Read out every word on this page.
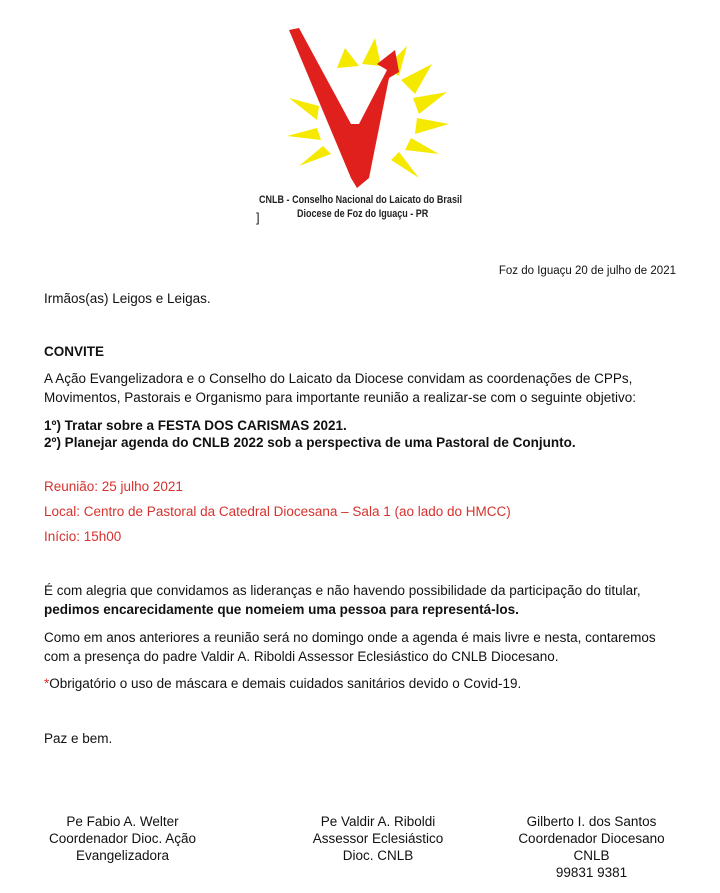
CNLB - Conselho Nacional do Laicato do Brasil
Diocese de Foz do Iguaçu - PR
]
Foz do Iguaçu 20 de julho de 2021
Irmãos(as) Leigos e Leigas.
CONVITE
A Ação Evangelizadora e o Conselho do Laicato da Diocese convidam as coordenações de CPPs, Movimentos, Pastorais e Organismo para importante reunião a realizar-se com o seguinte objetivo:
1º) Tratar sobre a FESTA DOS CARISMAS 2021.
2º) Planejar agenda do CNLB 2022 sob a perspectiva de uma Pastoral de Conjunto.
Reunião: 25 julho 2021
Local: Centro de Pastoral da Catedral Diocesana – Sala 1 (ao lado do HMCC)
Início: 15h00
É com alegria que convidamos as lideranças e não havendo possibilidade da participação do titular, pedimos encarecidamente que nomeiem uma pessoa para representá-los.
Como em anos anteriores a reunião será no domingo onde a agenda é mais livre e nesta, contaremos com a presença do padre Valdir A. Riboldi Assessor Eclesiástico do CNLB Diocesano.
*Obrigatório o uso de máscara e demais cuidados sanitários devido o Covid-19.
Paz e bem.
Pe Fabio A. Welter
Coordenador Dioc. Ação
Evangelizadora
Pe Valdir A. Riboldi
Assessor Eclesiástico
Dioc. CNLB
Gilberto I. dos Santos
Coordenador Diocesano
CNLB
99831 9381
